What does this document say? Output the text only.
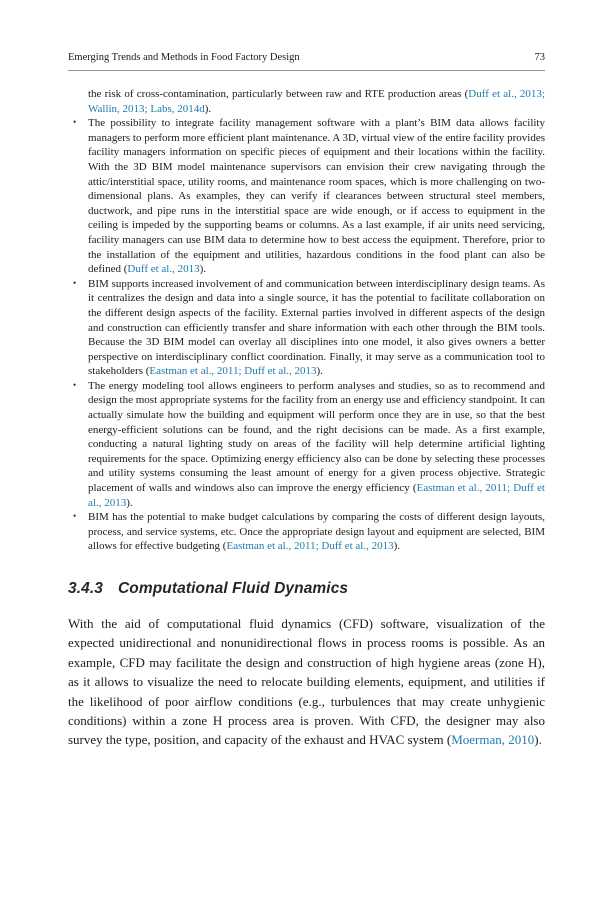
Emerging Trends and Methods in Food Factory Design	73

the risk of cross-contamination, particularly between raw and RTE production areas (Duff et al., 2013; Wallin, 2013; Labs, 2014d).

• The possibility to integrate facility management software with a plant’s BIM data allows facility managers to perform more efficient plant maintenance. A 3D, virtual view of the entire facility provides facility managers information on specific pieces of equipment and their locations within the facility. With the 3D BIM model maintenance supervisors can envision their crew navigating through the attic/interstitial space, utility rooms, and maintenance room spaces, which is more challenging on two-dimensional plans. As examples, they can verify if clearances between structural steel members, ductwork, and pipe runs in the interstitial space are wide enough, or if access to equipment in the ceiling is impeded by the supporting beams or columns. As a last example, if air units need servicing, facility managers can use BIM data to determine how to best access the equipment. Therefore, prior to the installation of the equipment and utilities, hazardous conditions in the food plant can also be defined (Duff et al., 2013).
• BIM supports increased involvement of and communication between interdisciplinary design teams. As it centralizes the design and data into a single source, it has the potential to facilitate collaboration on the different design aspects of the facility. External parties involved in different aspects of the design and construction can efficiently transfer and share information with each other through the BIM tools. Because the 3D BIM model can overlay all disciplines into one model, it also gives owners a better perspective on interdisciplinary conflict coordination. Finally, it may serve as a communication tool to stakeholders (Eastman et al., 2011; Duff et al., 2013).
• The energy modeling tool allows engineers to perform analyses and studies, so as to recommend and design the most appropriate systems for the facility from an energy use and efficiency standpoint. It can actually simulate how the building and equipment will perform once they are in use, so that the best energy-efficient solutions can be found, and the right decisions can be made. As a first example, conducting a natural lighting study on areas of the facility will help determine artificial lighting requirements for the space. Optimizing energy efficiency also can be done by selecting these processes and utility systems consuming the least amount of energy for a given process objective. Strategic placement of walls and windows also can improve the energy efficiency (Eastman et al., 2011; Duff et al., 2013).
• BIM has the potential to make budget calculations by comparing the costs of different design layouts, process, and service systems, etc. Once the appropriate design layout and equipment are selected, BIM allows for effective budgeting (Eastman et al., 2011; Duff et al., 2013).
3.4.3 Computational Fluid Dynamics

With the aid of computational fluid dynamics (CFD) software, visualization of the expected unidirectional and nonunidirectional flows in process rooms is possible. As an example, CFD may facilitate the design and construction of high hygiene areas (zone H), as it allows to visualize the need to relocate building elements, equipment, and utilities if the likelihood of poor airflow conditions (e.g., turbulences that may create unhygienic conditions) within a zone H process area is proven. With CFD, the designer may also survey the type, position, and capacity of the exhaust and HVAC system (Moerman, 2010).
